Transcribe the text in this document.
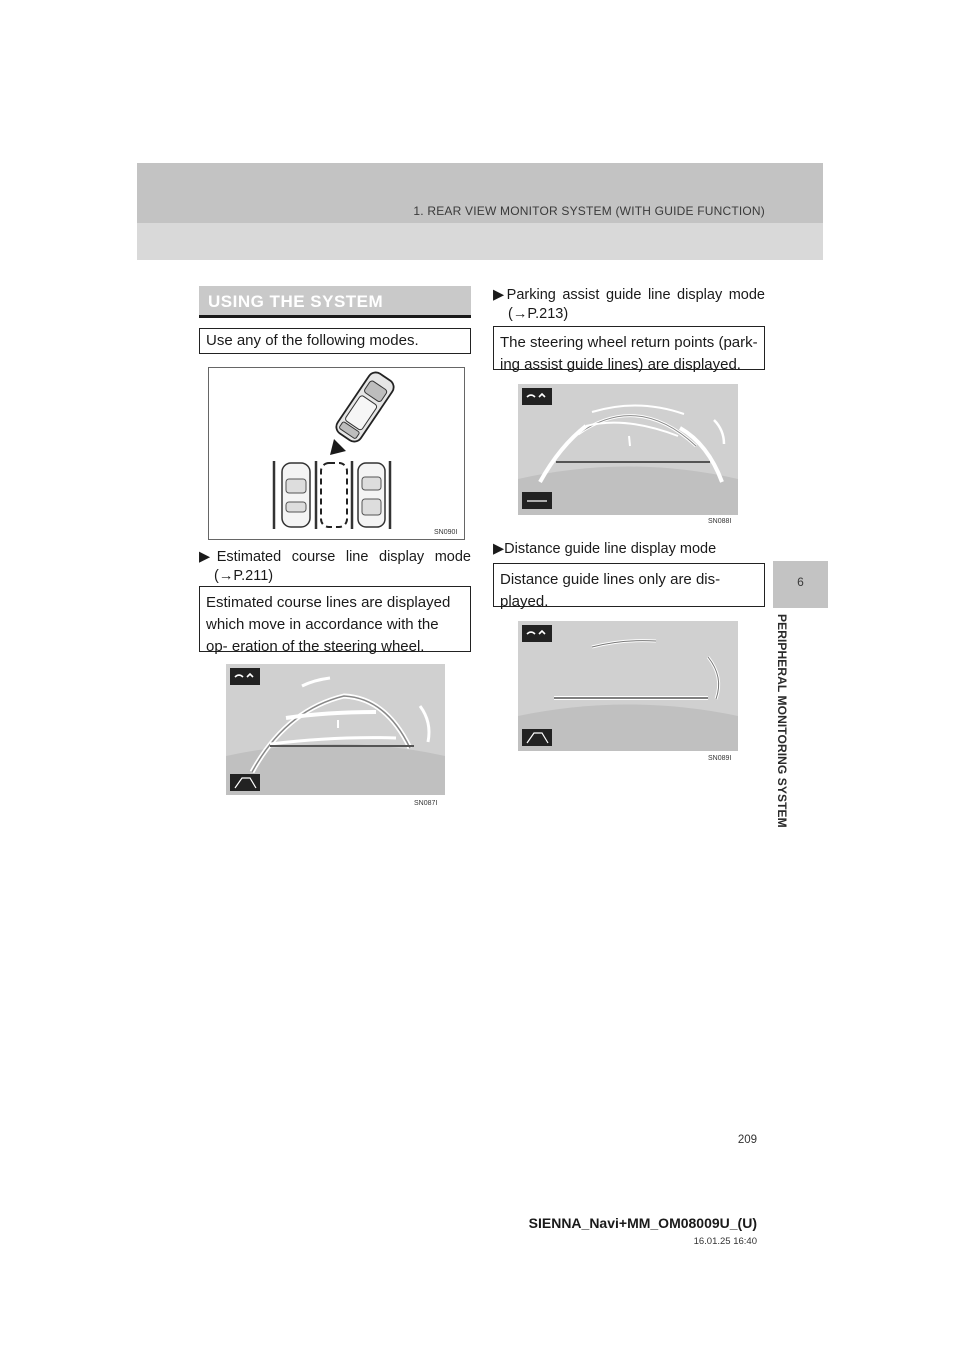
1. REAR VIEW MONITOR SYSTEM (WITH GUIDE FUNCTION)
6
PERIPHERAL MONITORING SYSTEM
USING THE SYSTEM
Use any of the following modes.
SN090I
▶Estimated course line display mode
(→P.211)
Estimated course lines are displayed which move in accordance with the op- eration of the steering wheel.
SN087I
▶Parking assist guide line display mode
(→P.213)
The steering wheel return points (park- ing assist guide lines) are displayed.
SN088I
▶Distance guide line display mode
Distance guide lines only are dis- played.
SN089I
209
SIENNA_Navi+MM_OM08009U_(U)
16.01.25 16:40
